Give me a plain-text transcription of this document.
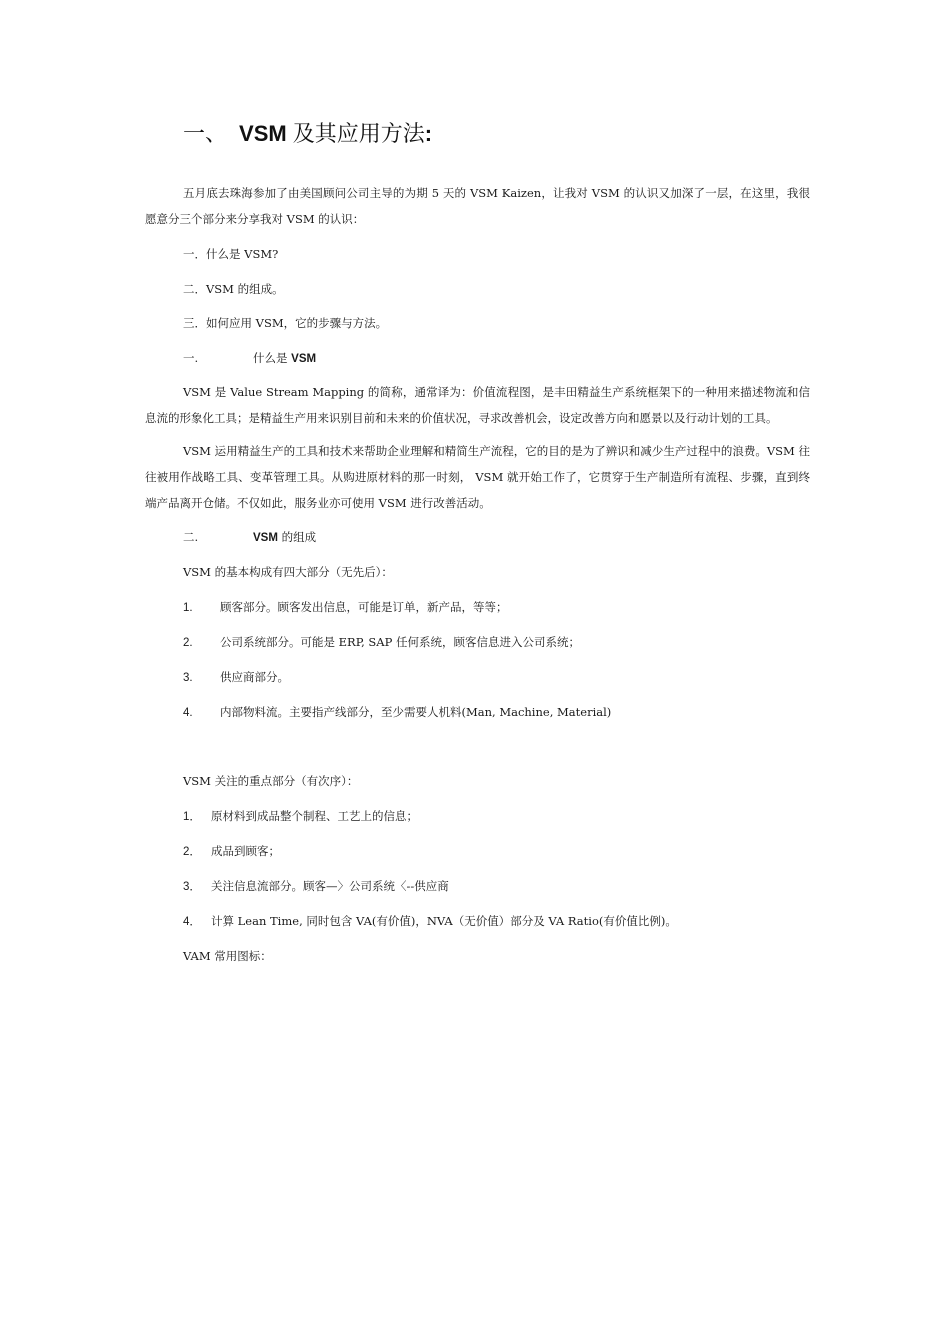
一、 VSM 及其应用方法:

五月底去珠海参加了由美国顾问公司主导的为期 5 天的 VSM Kaizen，让我对 VSM 的认识又加深了一层，在这里，我很愿意分三个部分来分享我对 VSM 的认识：

一．什么是 VSM?

二．VSM 的组成。

三．如何应用 VSM，它的步骤与方法。

一.	什么是 VSM

VSM 是 Value Stream Mapping 的简称，通常译为：价值流程图，是丰田精益生产系统框架下的一种用来描述物流和信息流的形象化工具；是精益生产用来识别目前和未来的价值状况，寻求改善机会，设定改善方向和愿景以及行动计划的工具。

VSM 运用精益生产的工具和技术来帮助企业理解和精简生产流程，它的目的是为了辨识和减少生产过程中的浪费。VSM 往往被用作战略工具、变革管理工具。从购进原材料的那一时刻， VSM 就开始工作了，它贯穿于生产制造所有流程、步骤，直到终端产品离开仓储。不仅如此，服务业亦可使用 VSM 进行改善活动。

二.	VSM 的组成

VSM 的基本构成有四大部分（无先后）：

1. 顾客部分。顾客发出信息，可能是订单，新产品，等等；

2. 公司系统部分。可能是 ERP, SAP 任何系统，顾客信息进入公司系统；

3. 供应商部分。

4. 内部物料流。主要指产线部分，至少需要人机料(Man, Machine, Material)

VSM 关注的重点部分（有次序）：

1． 原材料到成品整个制程、工艺上的信息；

2． 成品到顾客；

3． 关注信息流部分。顾客—〉公司系统〈--供应商

4． 计算 Lean Time, 同时包含 VA(有价值)，NVA（无价值）部分及 VA Ratio(有价值比例)。

VAM 常用图标：
